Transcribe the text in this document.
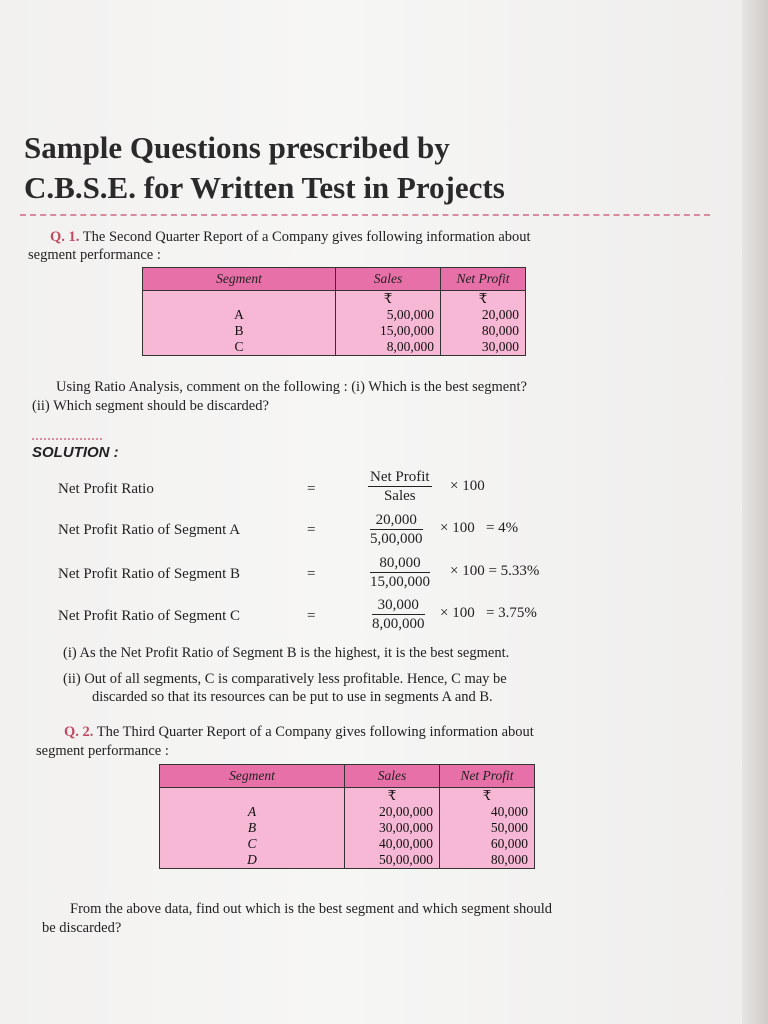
Sample Questions prescribed by
C.B.S.E. for Written Test in Projects
Q. 1. The Second Quarter Report of a Company gives following information about
segment performance :
Segment	Sales	Net Profit
	₹	₹
A	5,00,000	20,000
B	15,00,000	80,000
C	8,00,000	30,000
Using Ratio Analysis, comment on the following : (i) Which is the best segment?
(ii) Which segment should be discarded?
SOLUTION :
Net Profit Ratio	=
Net Profit
Sales
× 100
Net Profit Ratio of Segment A	=	$\frac{20,000}{5,00,000} \times 100 = 4\%$
Net Profit Ratio of Segment B	=	$\frac{80,000}{15,00,000} \times 100 = 5.33\%$
Net Profit Ratio of Segment C	=	$\frac{30,000}{8,00,000} \times 100 = 3.75\%$
(i) As the Net Profit Ratio of Segment B is the highest, it is the best segment.
(ii) Out of all segments, C is comparatively less profitable. Hence, C may be
discarded so that its resources can be put to use in segments A and B.
Q. 2. The Third Quarter Report of a Company gives following information about
segment performance :
Segment	Sales	Net Profit
	₹	₹
A	20,00,000	40,000
B	30,00,000	50,000
C	40,00,000	60,000
D	50,00,000	80,000
From the above data, find out which is the best segment and which segment should
be discarded?
